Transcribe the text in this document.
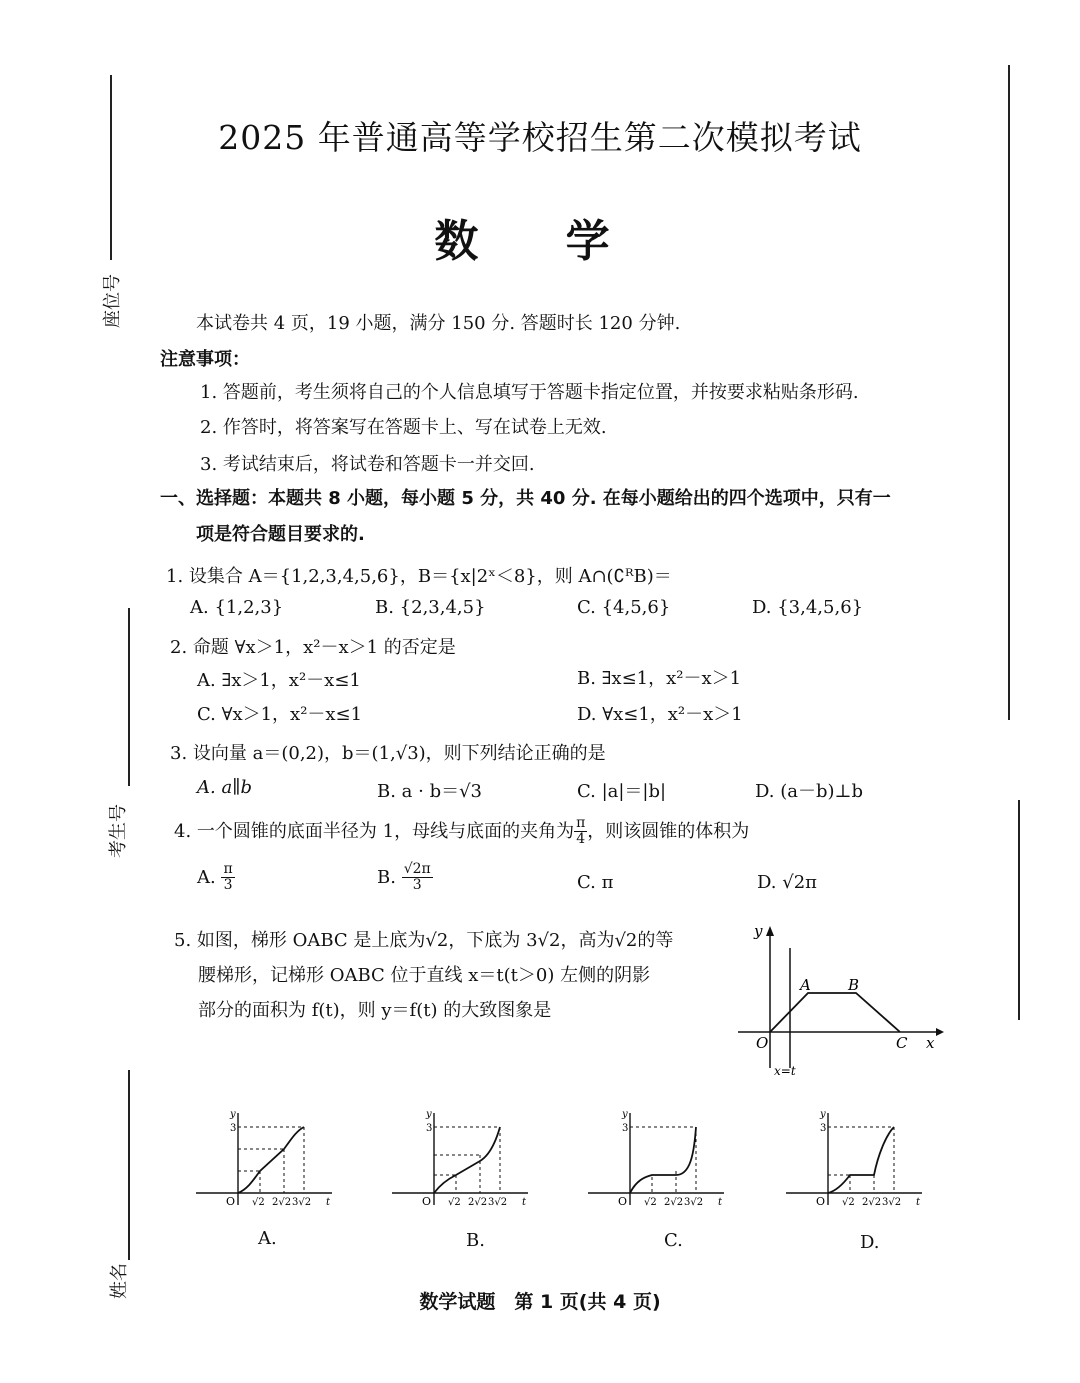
座位号
考生号
姓名
2025 年普通高等学校招生第二次模拟考试
数 学
本试卷共 4 页，19 小题，满分 150 分. 答题时长 120 分钟.
注意事项：
1. 答题前，考生须将自己的个人信息填写于答题卡指定位置，并按要求粘贴条形码.
2. 作答时，将答案写在答题卡上、写在试卷上无效.
3. 考试结束后，将试卷和答题卡一并交回.
一、选择题：本题共 8 小题，每小题 5 分，共 40 分. 在每小题给出的四个选项中，只有一
项是符合题目要求的.
1. 设集合 A＝{1,2,3,4,5,6}，B＝{x|2ˣ＜8}，则 A∩(∁ᴿB)＝
A. {1,2,3}	B. {2,3,4,5}	C. {4,5,6}	D. {3,4,5,6}
2. 命题 ∀x＞1，x²－x＞1 的否定是
A. ∃x＞1，x²－x≤1	B. ∃x≤1，x²－x＞1
C. ∀x＞1，x²－x≤1	D. ∀x≤1，x²－x＞1
3. 设向量 a＝(0,2)，b＝(1,√3)，则下列结论正确的是
A. a∥b	B. a · b＝√3	C. |a|＝|b|	D. (a－b)⊥b
4. 一个圆锥的底面半径为 1，母线与底面的夹角为 $\frac{\pi}{4}$ ，则该圆锥的体积为
A. $\frac{\pi}{3}$	B. $\frac{√2\pi}{3}$	C. π	D. √2π
5. 如图，梯形 OABC 是上底为√2，下底为 3√2，高为√2的等
腰梯形，记梯形 OABC 位于直线 x＝t(t＞0) 左侧的阴影
部分的面积为 f(t)，则 y＝f(t) 的大致图象是
y
x
O
A B
C
x=t
3
y
O √2 2√2 3√2 t
A.
3
y
O √2 2√2 3√2 t
B.
3
y
O √2 2√2 3√2 t
C.
3
y
O √2 2√2 3√2 t
D.
数学试题　第 1 页(共 4 页)
